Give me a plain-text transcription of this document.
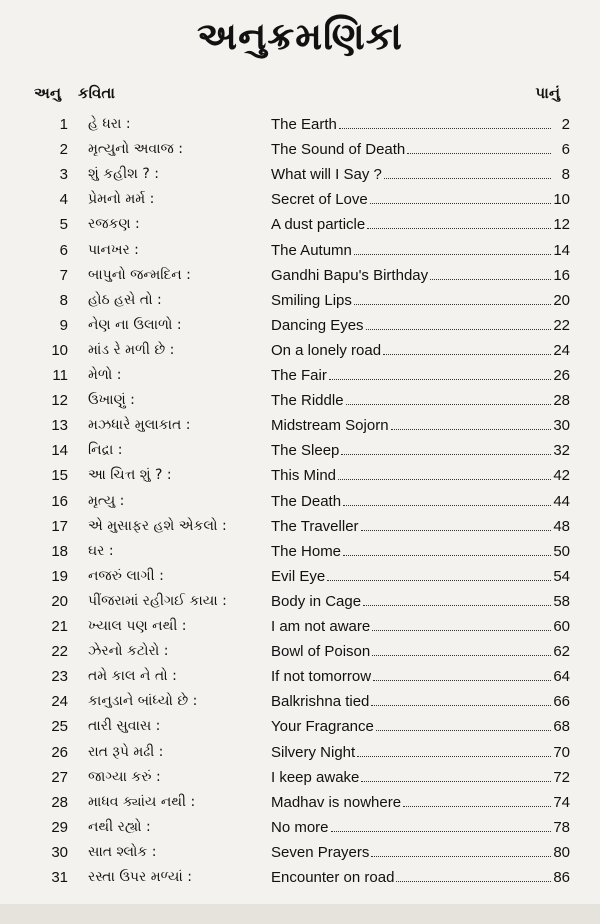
અનુક્રમણિકા
અનુ કવિતા	પાનું
1 હે ધરા :	The Earth	2
2 મૃત્યુનો અવાજ :	The Sound of Death	6
3 શું કહીશ ? :	What will I Say ?	8
4 પ્રેમનો મર્મ :	Secret of Love	10
5 રજકણ :	A dust particle	12
6 પાનખર :	The Autumn	14
7 બાપુનો જન્મદિન :	Gandhi Bapu's Birthday	16
8 હોઠ હસે તો :	Smiling Lips	20
9 નેણ ના ઉલાળો :	Dancing Eyes	22
10 માંડ રે મળી છે :	On a lonely road	24
11 મેળો :	The Fair	26
12 ઉખાણું :	The Riddle	28
13 મઝધારે મુલાકાત :	Midstream Sojorn	30
14 નિદ્રા :	The Sleep	32
15 આ ચિત્ત શું ? :	This Mind	42
16 મૃત્યુ :	The Death	44
17 એ મુસાફર હશે એકલો :	The Traveller	48
18 ઘર :	The Home	50
19 નજરું લાગી :	Evil Eye	54
20 પીંજરામાં રહીગઈ કાયા :	Body in Cage	58
21 ખ્યાલ પણ નથી :	I am not aware	60
22 ઝેરનો કટોરો :	Bowl of Poison	62
23 તમે કાલ ને તો :	If not tomorrow	64
24 કાનુડાને બાંધ્યો છે :	Balkrishna tied	66
25 તારી સુવાસ :	Your Fragrance	68
26 રાત રૂપે મઢી :	Silvery Night	70
27 જાગ્યા કરું :	I keep awake	72
28 માધવ ક્યાંય નથી :	Madhav is nowhere	74
29 નથી રહ્યો :	No more	78
30 સાત શ્લોક :	Seven Prayers	80
31 રસ્તા ઉપર મળ્યાં :	Encounter on road	86
